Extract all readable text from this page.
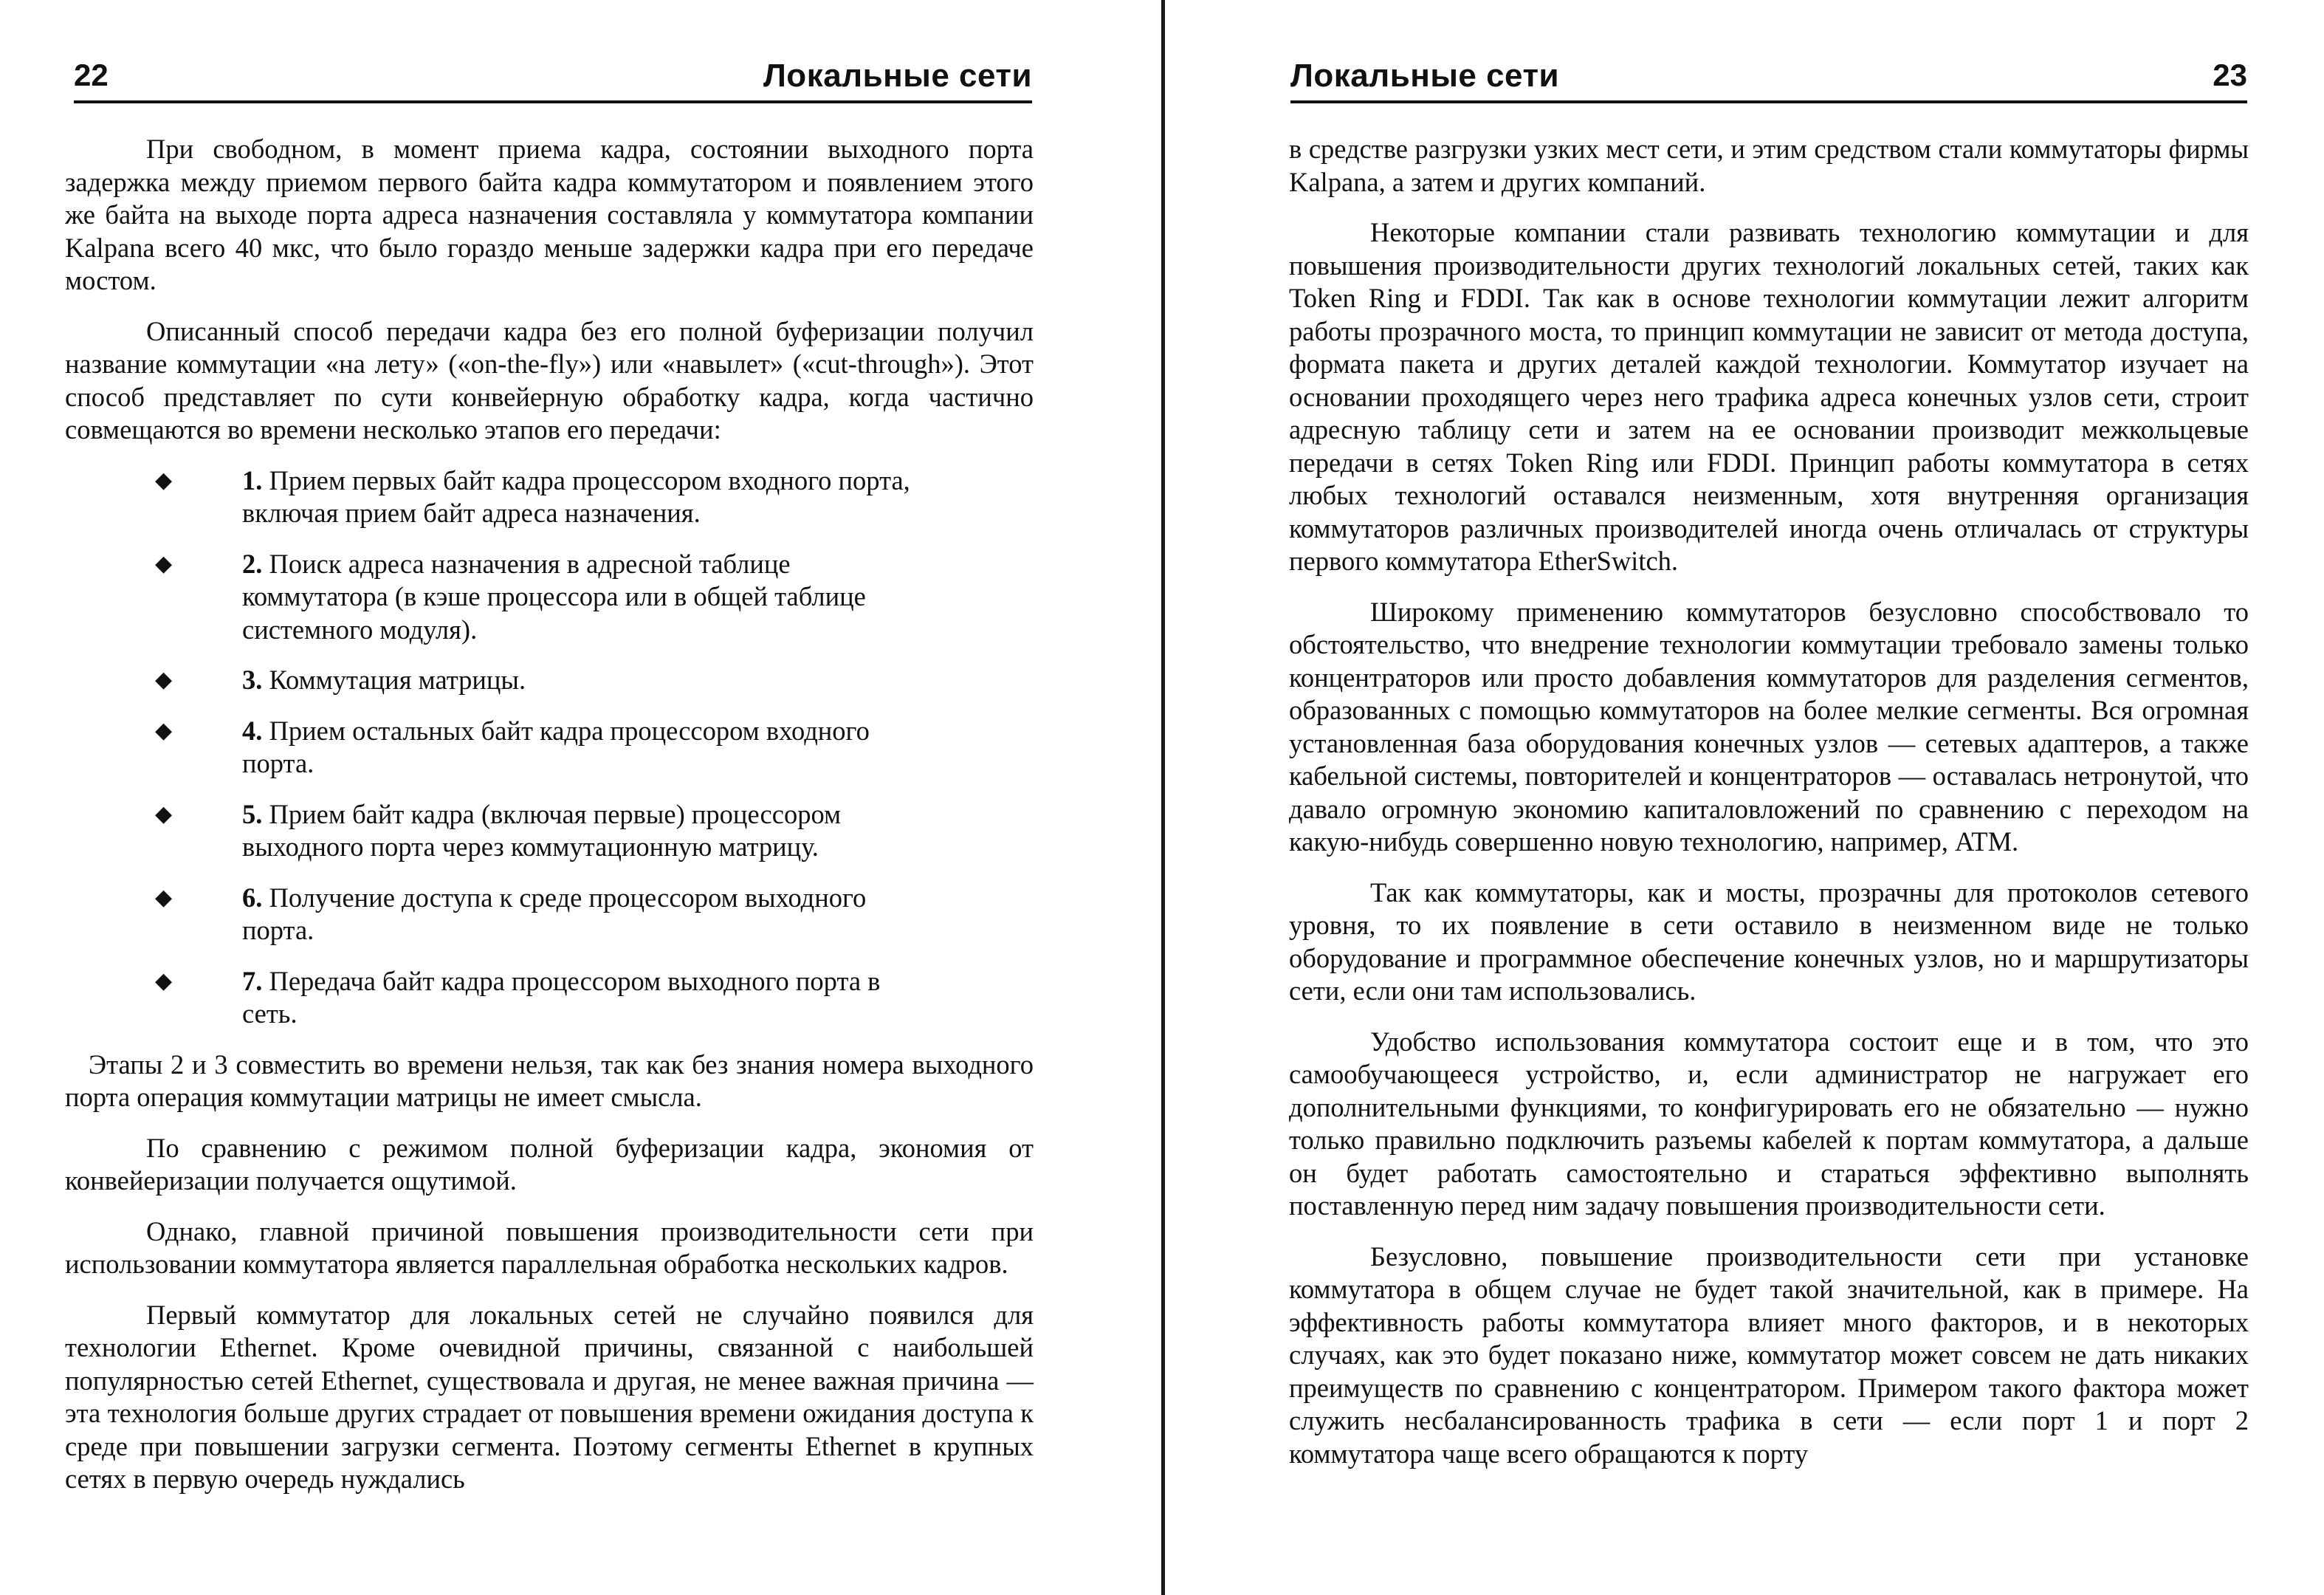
22	Локальные сети

При свободном, в момент приема кадра, состоянии выходного порта задержка между приемом первого байта кадра коммутатором и появлением этого же байта на выходе порта адреса назначения составляла у коммутатора компании Kalpana всего 40 мкс, что было гораздо меньше задержки кадра при его передаче мостом.

Описанный способ передачи кадра без его полной буферизации получил название коммутации «на лету» («on-the-fly») или «навылет» («cut-through»). Этот способ представляет по сути конвейерную обработку кадра, когда частично совмещаются во времени несколько этапов его передачи:

◆	1. Прием первых байт кадра процессором входного порта, включая прием байт адреса назначения.
◆	2. Поиск адреса назначения в адресной таблице коммутатора (в кэше процессора или в общей таблице системного модуля).
◆	3. Коммутация матрицы.
◆	4. Прием остальных байт кадра процессором входного порта.
◆	5. Прием байт кадра (включая первые) процессором выходного порта через коммутационную матрицу.
◆	6. Получение доступа к среде процессором выходного порта.
◆	7. Передача байт кадра процессором выходного порта в сеть.

Этапы 2 и 3 совместить во времени нельзя, так как без знания номера выходного порта операция коммутации матрицы не имеет смысла.

По сравнению с режимом полной буферизации кадра, экономия от конвейеризации получается ощутимой.

Однако, главной причиной повышения производительности сети при использовании коммутатора является параллельная обработка нескольких кадров.

Первый коммутатор для локальных сетей не случайно появился для технологии Ethernet. Кроме очевидной причины, связанной с наибольшей популярностью сетей Ethernet, существовала и другая, не менее важная причина — эта технология больше других страдает от повышения времени ожидания доступа к среде при повышении загрузки сегмента. Поэтому сегменты Ethernet в крупных сетях в первую очередь нуждались

Локальные сети	23

в средстве разгрузки узких мест сети, и этим средством стали коммутаторы фирмы Kalpana, а затем и других компаний.

Некоторые компании стали развивать технологию коммутации и для повышения производительности других технологий локальных сетей, таких как Token Ring и FDDI. Так как в основе технологии коммутации лежит алгоритм работы прозрачного моста, то принцип коммутации не зависит от метода доступа, формата пакета и других деталей каждой технологии. Коммутатор изучает на основании проходящего через него трафика адреса конечных узлов сети, строит адресную таблицу сети и затем на ее основании производит межкольцевые передачи в сетях Token Ring или FDDI. Принцип работы коммутатора в сетях любых технологий оставался неизменным, хотя внутренняя организация коммутаторов различных производителей иногда очень отличалась от структуры первого коммутатора EtherSwitch.

Широкому применению коммутаторов безусловно способствовало то обстоятельство, что внедрение технологии коммутации требовало замены только концентраторов или просто добавления коммутаторов для разделения сегментов, образованных с помощью коммутаторов на более мелкие сегменты. Вся огромная установленная база оборудования конечных узлов — сетевых адаптеров, а также кабельной системы, повторителей и концентраторов — оставалась нетронутой, что давало огромную экономию капиталовложений по сравнению с переходом на какую-нибудь совершенно новую технологию, например, ATM.

Так как коммутаторы, как и мосты, прозрачны для протоколов сетевого уровня, то их появление в сети оставило в неизменном виде не только оборудование и программное обеспечение конечных узлов, но и маршрутизаторы сети, если они там использовались.

Удобство использования коммутатора состоит еще и в том, что это самообучающееся устройство, и, если администратор не нагружает его дополнительными функциями, то конфигурировать его не обязательно — нужно только правильно подключить разъемы кабелей к портам коммутатора, а дальше он будет работать самостоятельно и стараться эффективно выполнять поставленную перед ним задачу повышения производительности сети.

Безусловно, повышение производительности сети при установке коммутатора в общем случае не будет такой значительной, как в примере. На эффективность работы коммутатора влияет много факторов, и в некоторых случаях, как это будет показано ниже, коммутатор может совсем не дать никаких преимуществ по сравнению с концентратором. Примером такого фактора может служить несбалансированность трафика в сети — если порт 1 и порт 2 коммутатора чаще всего обращаются к порту
